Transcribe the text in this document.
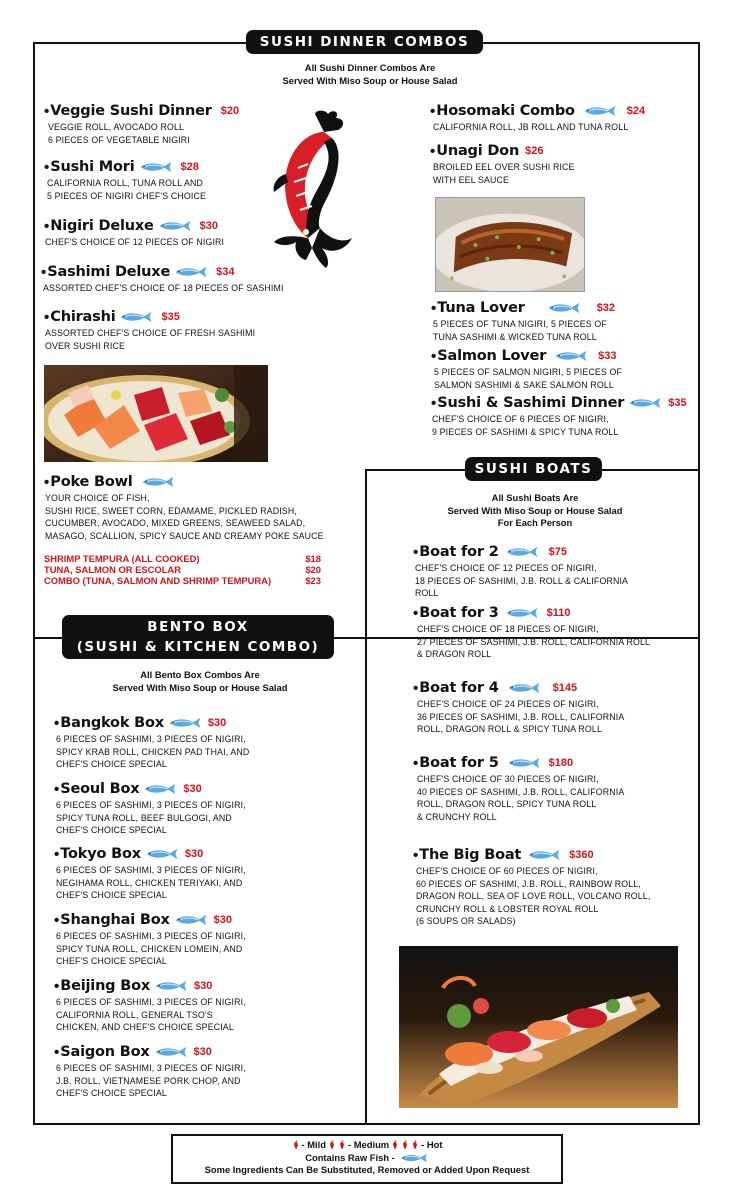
SUSHI DINNER COMBOS
All Sushi Dinner Combos Are
Served With Miso Soup or House Salad
• Veggie Sushi Dinner $20
VEGGIE ROLL, AVOCADO ROLL
6 PIECES OF VEGETABLE NIGIRI
• Sushi Mori	$28
CALIFORNIA ROLL, TUNA ROLL AND
5 PIECES OF NIGIRI CHEF'S CHOICE
• Nigiri Deluxe	$30
CHEF'S CHOICE OF 12 PIECES OF NIGIRI
• Sashimi Deluxe	$34
ASSORTED CHEF'S CHOICE OF 18 PIECES OF SASHIMI
• Chirashi	$35
ASSORTED CHEF'S CHOICE OF FRESH SASHIMI
OVER SUSHI RICE
• Hosomaki Combo	$24
CALIFORNIA ROLL, JB ROLL AND TUNA ROLL
• Unagi Don $26
BROILED EEL OVER SUSHI RICE
WITH EEL SAUCE
• Tuna Lover	$32
5 PIECES OF TUNA NIGIRI, 5 PIECES OF
TUNA SASHIMI & WICKED TUNA ROLL
• Salmon Lover	$33
5 PIECES OF SALMON NIGIRI, 5 PIECES OF
SALMON SASHIMI & SAKE SALMON ROLL
• Sushi & Sashimi Dinner	$35
CHEF'S CHOICE OF 6 PIECES OF NIGIRI,
9 PIECES OF SASHIMI & SPICY TUNA ROLL
• Poke Bowl
YOUR CHOICE OF FISH,
SUSHI RICE, SWEET CORN, EDAMAME, PICKLED RADISH,
CUCUMBER, AVOCADO, MIXED GREENS, SEAWEED SALAD,
MASAGO, SCALLION, SPICY SAUCE AND CREAMY POKE SAUCE
SHRIMP TEMPURA (ALL COOKED)	$18
TUNA, SALMON OR ESCOLAR	$20
COMBO (TUNA, SALMON AND SHRIMP TEMPURA)	$23
SUSHI BOATS
All Sushi Boats Are
Served With Miso Soup or House Salad
For Each Person
• Boat for 2	$75
CHEF'S CHOICE OF 12 PIECES OF NIGIRI,
18 PIECES OF SASHIMI, J.B. ROLL & CALIFORNIA
ROLL
• Boat for 3	$110
CHEF'S CHOICE OF 18 PIECES OF NIGIRI,
27 PIECES OF SASHIMI, J.B. ROLL, CALIFORNIA ROLL
& DRAGON ROLL
• Boat for 4	$145
CHEF'S CHOICE OF 24 PIECES OF NIGIRI,
36 PIECES OF SASHIMI, J.B. ROLL, CALIFORNIA
ROLL, DRAGON ROLL & SPICY TUNA ROLL
• Boat for 5	$180
CHEF'S CHOICE OF 30 PIECES OF NIGIRI,
40 PIECES OF SASHIMI, J.B. ROLL, CALIFORNIA
ROLL, DRAGON ROLL, SPICY TUNA ROLL
& CRUNCHY ROLL
• The Big Boat	$360
CHEF'S CHOICE OF 60 PIECES OF NIGIRI,
60 PIECES OF SASHIMI, J.B. ROLL, RAINBOW ROLL,
DRAGON ROLL, SEA OF LOVE ROLL, VOLCANO ROLL,
CRUNCHY ROLL & LOBSTER ROYAL ROLL
(6 SOUPS OR SALADS)
BENTO BOX
(SUSHI & KITCHEN COMBO)
All Bento Box Combos Are
Served With Miso Soup or House Salad
• Bangkok Box	$30
6 PIECES OF SASHIMI, 3 PIECES OF NIGIRI,
SPICY KRAB ROLL, CHICKEN PAD THAI, AND
CHEF'S CHOICE SPECIAL
• Seoul Box	$30
6 PIECES OF SASHIMI, 3 PIECES OF NIGIRI,
SPICY TUNA ROLL, BEEF BULGOGI, AND
CHEF'S CHOICE SPECIAL
• Tokyo Box	$30
6 PIECES OF SASHIMI, 3 PIECES OF NIGIRI,
NEGIHAMA ROLL, CHICKEN TERIYAKI, AND
CHEF'S CHOICE SPECIAL
• Shanghai Box	$30
6 PIECES OF SASHIMI, 3 PIECES OF NIGIRI,
SPICY TUNA ROLL, CHICKEN LOMEIN, AND
CHEF'S CHOICE SPECIAL
• Beijing Box	$30
6 PIECES OF SASHIMI, 3 PIECES OF NIGIRI,
CALIFORNIA ROLL, GENERAL TSO'S
CHICKEN, AND CHEF'S CHOICE SPECIAL
• Saigon Box	$30
6 PIECES OF SASHIMI, 3 PIECES OF NIGIRI,
J.B. ROLL, VIETNAMESE PORK CHOP, AND
CHEF'S CHOICE SPECIAL
- Mild - Medium	- Hot
Contains Raw Fish -
Some Ingredients Can Be Substituted, Removed or Added Upon Request
